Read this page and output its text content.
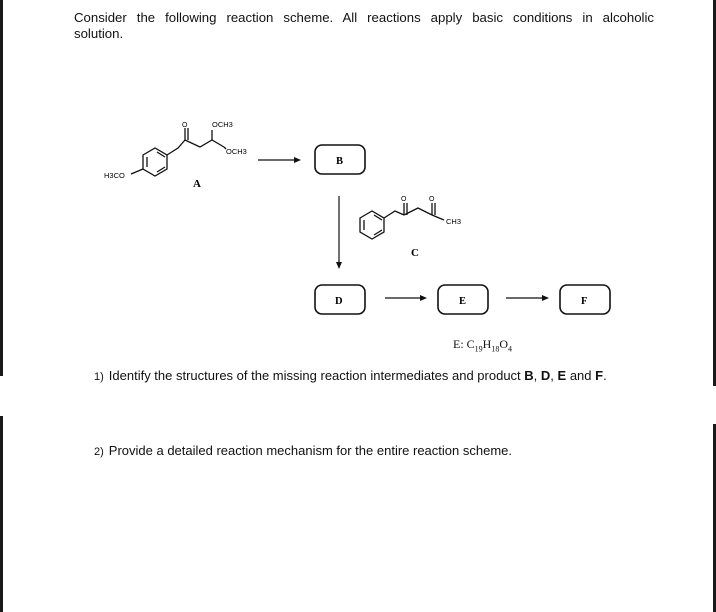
Consider the following reaction scheme. All reactions apply basic conditions in alcoholic
solution.
O	OCH3
OCH3
H3CO
A
B
O	O
CH3
C
D	E	F
E: $C_{19}H_{18}O_4$
1) Identify the structures of the missing reaction intermediates and product B, D, E and F.
2) Provide a detailed reaction mechanism for the entire reaction scheme.
